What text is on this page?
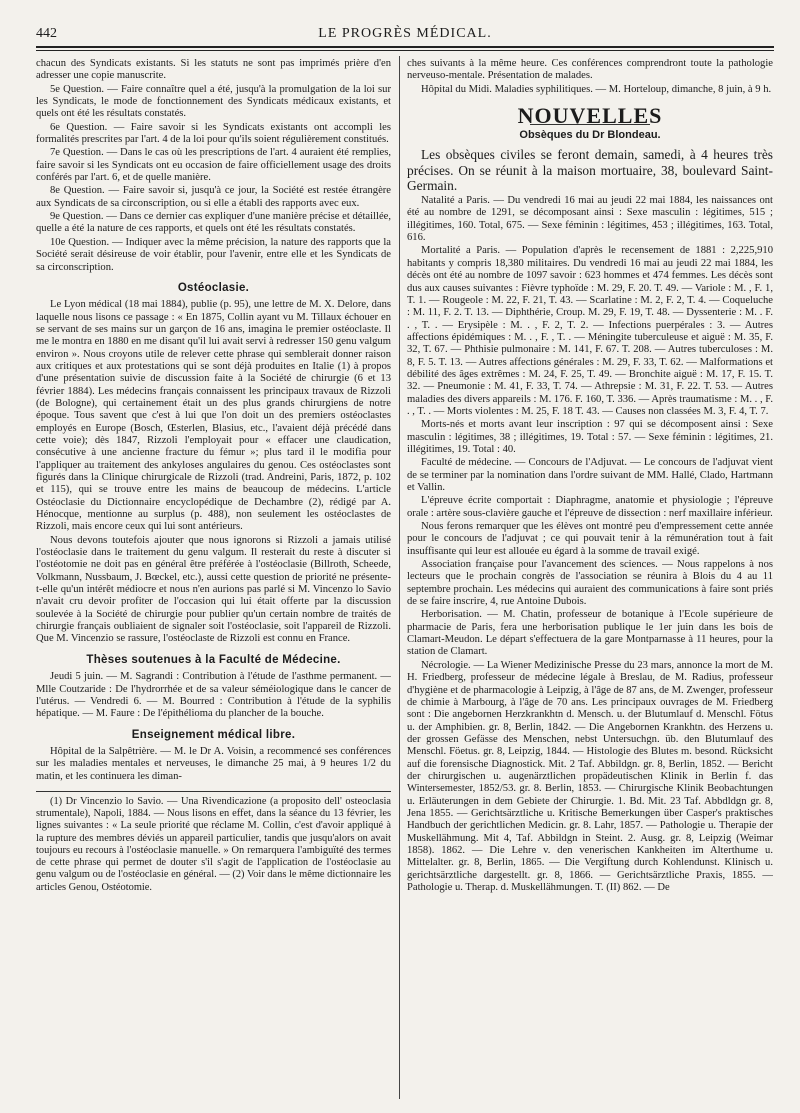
442	LE PROGRÈS MÉDICAL.

chacun des Syndicats existants. Si les statuts ne sont pas imprimés prière d'en adresser une copie manuscrite.

5e Question. — Faire connaître quel a été, jusqu'à la promulgation de la loi sur les Syndicats, le mode de fonctionnement des Syndicats médicaux existants, et quels ont été les résultats constatés.

6e Question. — Faire savoir si les Syndicats existants ont accompli les formalités prescrites par l'art. 4 de la loi pour qu'ils soient régulièrement constitués.

7e Question. — Dans le cas où les prescriptions de l'art. 4 auraient été remplies, faire savoir si les Syndicats ont eu occasion de faire officiellement usage des droits conférés par l'art. 6, et de quelle manière.

8e Question. — Faire savoir si, jusqu'à ce jour, la Société est restée étrangère aux Syndicats de sa circonscription, ou si elle a établi des rapports avec eux.

9e Question. — Dans ce dernier cas expliquer d'une manière précise et détaillée, quelle a été la nature de ces rapports, et quels ont été les résultats constatés.

10e Question. — Indiquer avec la même précision, la nature des rapports que la Société serait désireuse de voir établir, pour l'avenir, entre elle et les Syndicats de sa circonscription.

Ostéoclasie.

Le Lyon médical (18 mai 1884), publie (p. 95), une lettre de M. X. Delore, dans laquelle nous lisons ce passage : « En 1875, Collin ayant vu M. Tillaux échouer en se servant de ses mains sur un garçon de 16 ans, imagina le premier ostéoclaste. Il me le montra en 1880 en me disant qu'il lui avait servi à redresser 150 genu valgum environ ». Nous croyons utile de relever cette phrase qui semblerait donner raison aux critiques et aux protestations qui se sont déjà produites en Italie (1) à propos d'une présentation suivie de discussion faite à la Société de chirurgie (6 et 13 février 1884). Les médecins français connaissent les principaux travaux de Rizzoli (de Bologne), qui certainement était un des plus grands chirurgiens de notre époque. Tous savent que c'est à lui que l'on doit un des premiers ostéoclastes employés en Europe (Bosch, Œsterlen, Blasius, etc., l'avaient déjà précédé dans cette voie); dès 1847, Rizzoli l'employait pour « effacer une claudication, consécutive à une ancienne fracture du fémur »; plus tard il le modifia pour l'appliquer au traitement des ankyloses angulaires du genou. Ces ostéoclastes sont figurés dans la Clinique chirurgicale de Rizzoli (trad. Andreini, Paris, 1872, p. 102 et 115), qui se trouve entre les mains de beaucoup de médecins. L'article Ostéoclasie du Dictionnaire encyclopédique de Dechambre (2), rédigé par A. Hénocque, mentionne au surplus (p. 488), non seulement les ostéoclastes de Rizzoli, mais encore ceux qui lui sont antérieurs.

Nous devons toutefois ajouter que nous ignorons si Rizzoli a jamais utilisé l'ostéoclasie dans le traitement du genu valgum. Il resterait du reste à discuter si l'ostéotomie ne doit pas en général être préférée à l'ostéoclasie (Billroth, Scheede, Volkmann, Nussbaum, J. Bœckel, etc.), aussi cette question de priorité ne présente-t-elle qu'un intérêt médiocre et nous n'en aurions pas parlé si M. Vincenzo lo Savio n'avait cru devoir profiter de l'occasion qui lui était offerte par la discussion soulevée à la Société de chirurgie pour publier qu'un certain nombre de traités de chirurgie français oubliaient de signaler soit l'ostéoclasie, soit l'appareil de Rizzoli. Que M. Vincenzio se rassure, l'ostéoclaste de Rizzoli est connu en France.

Thèses soutenues à la Faculté de Médecine.

Jeudi 5 juin. — M. Sagrandi : Contribution à l'étude de l'asthme permanent. — Mlle Coutzaride : De l'hydrorrhée et de sa valeur séméiologique dans le cancer de l'utérus. — Vendredi 6. — M. Bourred : Contribution à l'étude de la syphilis hépatique. — M. Faure : De l'épithélioma du plancher de la bouche.

Enseignement médical libre.

Hôpital de la Salpêtrière. — M. le Dr A. Voisin, a recommencé ses conférences sur les maladies mentales et nerveuses, le dimanche 25 mai, à 9 heures 1/2 du matin, et les continuera les diman-

(1) Dr Vincenzio lo Savio. — Una Rivendicazione (a proposito dell' osteoclasia strumentale), Napoli, 1884. — Nous lisons en effet, dans la séance du 13 février, les lignes suivantes : « La seule priorité que réclame M. Collin, c'est d'avoir appliqué à la rupture des membres déviés un appareil particulier, tandis que jusqu'alors on avait toujours eu recours à l'ostéoclasie manuelle. » On remarquera l'ambiguïté des termes de cette phrase qui permet de douter s'il s'agit de l'application de l'ostéoclasie au genu valgum ou de l'ostéoclasie en général. — (2) Voir dans le même dictionnaire les articles Genou, Ostéotomie.

ches suivants à la même heure. Ces conférences comprendront toute la pathologie nerveuso-mentale. Présentation de malades.

Hôpital du Midi. Maladies syphilitiques. — M. Horteloup, dimanche, 8 juin, à 9 h.

NOUVELLES
Obsèques du Dr Blondeau.

Les obsèques civiles se feront demain, samedi, à 4 heures très précises. On se réunit à la maison mortuaire, 38, boulevard Saint-Germain.

Natalité a Paris. — Du vendredi 16 mai au jeudi 22 mai 1884, les naissances ont été au nombre de 1291, se décomposant ainsi : Sexe masculin : légitimes, 515 ; illégitimes, 160. Total, 675. — Sexe féminin : légitimes, 453 ; illégitimes, 163. Total, 616.

Mortalité a Paris. — Population d'après le recensement de 1881 : 2,225,910 habitants y compris 18,380 militaires. Du vendredi 16 mai au jeudi 22 mai 1884, les décès ont été au nombre de 1097 savoir : 623 hommes et 474 femmes. Les décès sont dus aux causes suivantes : Fièvre typhoïde : M. 29, F. 20. T. 49. — Variole : M. , F. 1, T. 1. — Rougeole : M. 22, F. 21, T. 43. — Scarlatine : M. 2, F. 2, T. 4. — Coqueluche : M. 11, F. 2. T. 13. — Diphthérie, Croup. M. 29, F. 19, T. 48. — Dyssenterie : M. . F. . , T. . — Erysipèle : M. . , F. 2, T. 2. — Infections puerpérales : 3. — Autres affections épidémiques : M. . , F. , T. . — Méningite tuberculeuse et aiguë : M. 35, F. 32, T. 67. — Phthisie pulmonaire : M. 141, F. 67. T. 208. — Autres tuberculoses : M. 8, F. 5. T. 13. — Autres affections générales : M. 29, F. 33, T. 62. — Malformations et débilité des âges extrêmes : M. 24, F. 25, T. 49. — Bronchite aiguë : M. 17, F. 15. T. 32. — Pneumonie : M. 41, F. 33, T. 74. — Athrepsie : M. 31, F. 22. T. 53. — Autres maladies des divers appareils : M. 176. F. 160, T. 336. — Après traumatisme : M. . , F. . , T. . — Morts violentes : M. 25, F. 18 T. 43. — Causes non classées M. 3, F. 4, T. 7.

Morts-nés et morts avant leur inscription : 97 qui se décomposent ainsi : Sexe masculin : légitimes, 38 ; illégitimes, 19. Total : 57. — Sexe féminin : légitimes, 21. illégitimes, 19. Total : 40.

Faculté de médecine. — Concours de l'Adjuvat. — Le concours de l'adjuvat vient de se terminer par la nomination dans l'ordre suivant de MM. Hallé, Clado, Hartmann et Vallin.

L'épreuve écrite comportait : Diaphragme, anatomie et physiologie ; l'épreuve orale : artère sous-clavière gauche et l'épreuve de dissection : nerf maxillaire inférieur.

Nous ferons remarquer que les élèves ont montré peu d'empressement cette année pour le concours de l'adjuvat ; ce qui pouvait tenir à la rémunération tout à fait insuffisante qui leur est allouée eu égard à la somme de travail exigé.

Association française pour l'avancement des sciences. — Nous rappelons à nos lecteurs que le prochain congrès de l'association se réunira à Blois du 4 au 11 septembre prochain. Les médecins qui auraient des communications à faire sont priés de se faire inscrire, 4, rue Antoine Dubois.

Herborisation. — M. Chatin, professeur de botanique à l'Ecole supérieure de pharmacie de Paris, fera une herborisation publique le 1er juin dans les bois de Clamart-Meudon. Le départ s'effectuera de la gare Montparnasse à 11 heures, pour la station de Clamart.

Nécrologie. — La Wiener Medizinische Presse du 23 mars, annonce la mort de M. H. Friedberg, professeur de médecine légale à Breslau, de M. Radius, professeur d'hygiène et de pharmacologie à Leipzig, à l'âge de 87 ans, de M. Zwenger, professeur de chimie à Marbourg, à l'âge de 70 ans. Les principaux ouvrages de M. Friedberg sont : Die angebornen Herzkrankhtn d. Mensch. u. der Blutumlauf d. Menschl. Fötus u. der Amphibien. gr. 8, Berlin, 1842. — Die Angebornen Krankhtn. des Herzens u. der grossen Gefässe des Menschen, nebst Untersuchgn. üb. den Blutumlauf des Menschl. Föetus. gr. 8, Leipzig, 1844. — Histologie des Blutes m. besond. Rücksicht auf die forensische Diagnostick. Mit. 2 Taf. Abbildgn. gr. 8, Berlin, 1852. — Bericht der chirurgischen u. augenärztlichen propädeutischen Klinik in Berlin f. das Wintersemester, 1852/53. gr. 8. Berlin, 1853. — Chirurgische Klinik Beobachtungen u. Erläuterungen in dem Gebiete der Chirurgie. 1. Bd. Mit. 23 Taf. Abbdldgn gr. 8, Jena 1855. — Gerichtsärztliche u. Kritische Bemerkungen über Casper's praktisches Handbuch der gerichtlichen Medicin. gr. 8. Lahr, 1857. — Pathologie u. Therapie der Muskellähmung. Mit 4, Taf. Abbildgn in Steint. 2. Ausg. gr. 8, Leipzig (Weimar 1858). 1862. — Die Lehre v. den venerischen Kankheiten im Alterthume u. Mittelalter. gr. 8, Berlin, 1865. — Die Vergiftung durch Kohlendunst. Klinisch u. gerichtsärztliche dargestellt. gr. 8, 1866. — Gerichtsärztliche Praxis, 1855. — Pathologie u. Therap. d. Muskellähmungen. T. (II) 862. — De
